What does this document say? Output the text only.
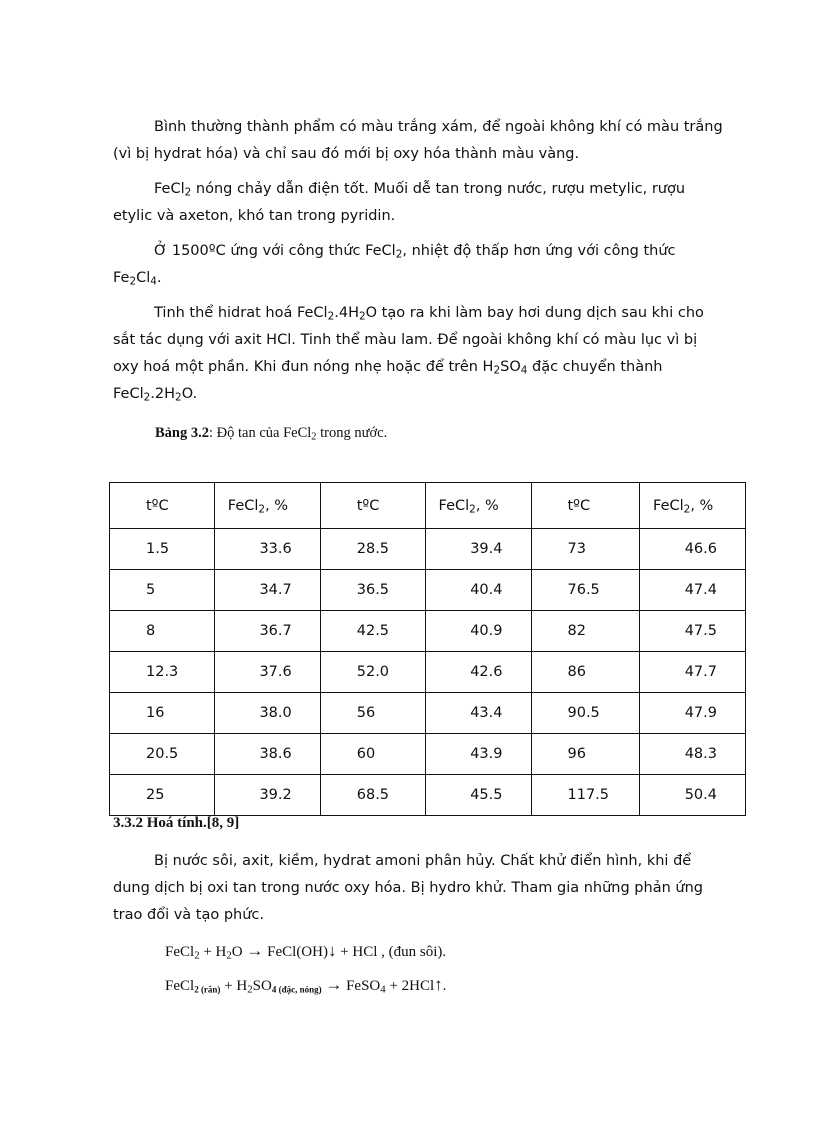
Bình thường thành phẩm có màu trắng xám, để ngoài không khí có màu trắng
(vì bị hydrat hóa) và chỉ sau đó mới bị oxy hóa thành màu vàng.

FeCl$_2$ nóng chảy dẫn điện tốt. Muối dễ tan trong nước, rượu metylic, rượu
etylic và axeton, khó tan trong pyridin.

Ở 1500ºC ứng với công thức FeCl$_2$, nhiệt độ thấp hơn ứng với công thức
$Fe_2Cl_4$.

Tinh thể hidrat hoá $FeCl_2.4H_2O$ tạo ra khi làm bay hơi dung dịch sau khi cho
sắt tác dụng với axit HCl. Tinh thể màu lam. Để ngoài không khí có màu lục vì bị
oxy hoá một phần. Khi đun nóng nhẹ hoặc để trên $H_2SO_4$ đặc chuyển thành
$FeCl_2.2H_2O$.

Bảng 3.2: Độ tan của FeCl$_2$ trong nước.

tºC	FeCl$_2$, %	tºC	FeCl$_2$, %	tºC	FeCl$_2$, %
1.5	33.6	28.5	39.4	73	46.6
5	34.7	36.5	40.4	76.5	47.4
8	36.7	42.5	40.9	82	47.5
12.3	37.6	52.0	42.6	86	47.7
16	38.0	56	43.4	90.5	47.9
20.5	38.6	60	43.9	96	48.3
25	39.2	68.5	45.5	117.5	50.4
3.3.2 Hoá tính.[8, 9]

Bị nước sôi, axit, kiềm, hydrat amoni phân hủy. Chất khử điển hình, khi để
dung dịch bị oxi tan trong nước oxy hóa. Bị hydro khử. Tham gia những phản ứng
trao đổi và tạo phức.

FeCl$_2$ + $H_2O$ → FeCl(OH)↓ + HCl , (đun sôi).
FeCl2 (rắn) + $H_2SO4$ (đặc, nóng) → FeSO$_4$ + 2HCl↑.
